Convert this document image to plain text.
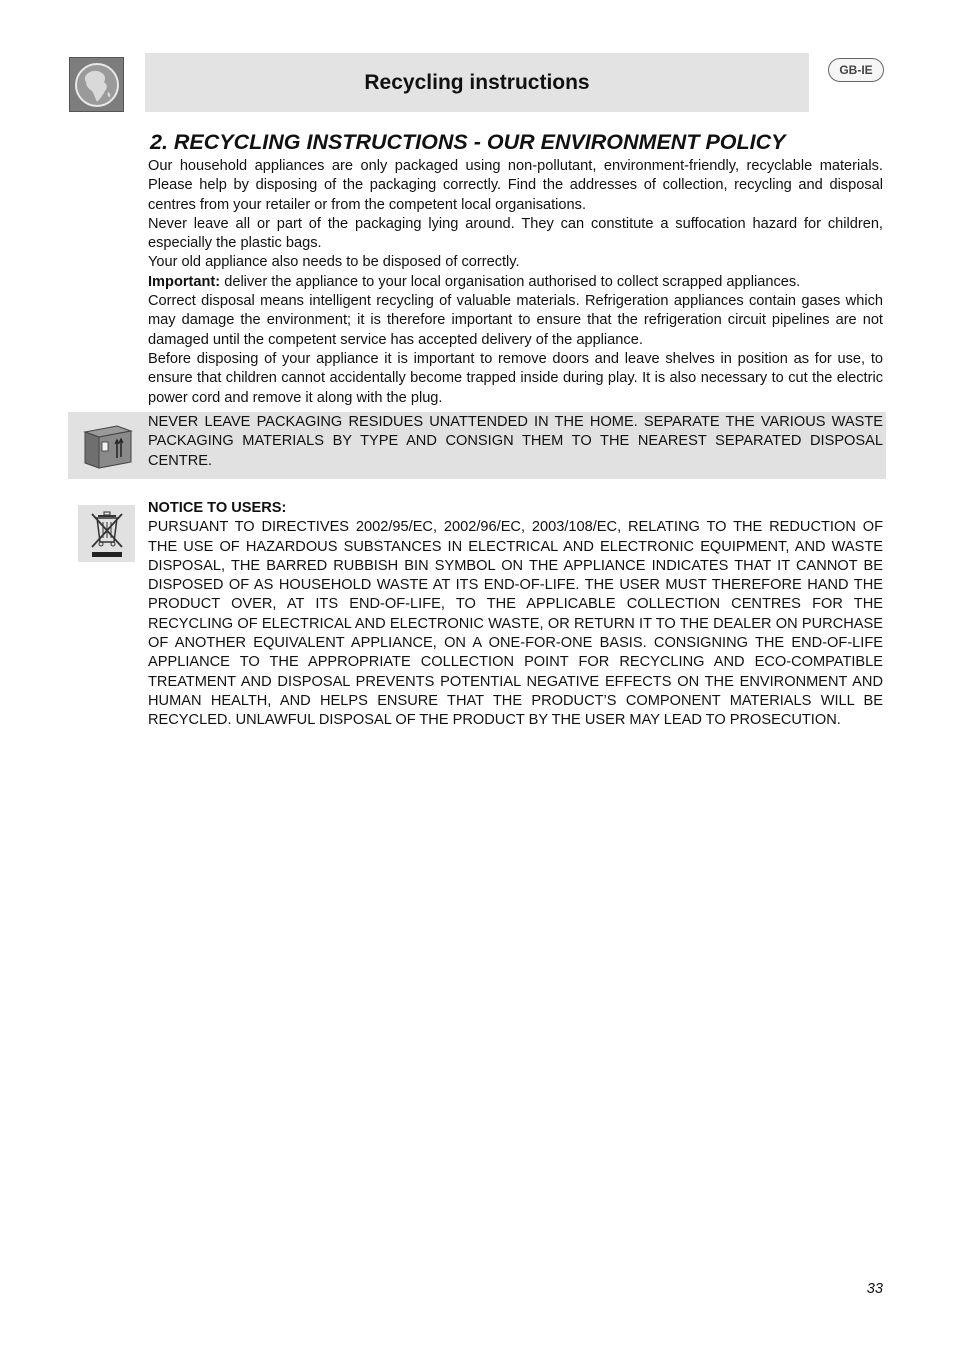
Recycling instructions
GB-IE
2. RECYCLING INSTRUCTIONS - OUR ENVIRONMENT POLICY

Our household appliances are only packaged using non-pollutant, environment-friendly, recyclable materials. Please help by disposing of the packaging correctly. Find the addresses of collection, recycling and disposal centres from your retailer or from the competent local organisations.

Never leave all or part of the packaging lying around. They can constitute a suffocation hazard for children, especially the plastic bags.

Your old appliance also needs to be disposed of correctly.

Important: deliver the appliance to your local organisation authorised to collect scrapped appliances.

Correct disposal means intelligent recycling of valuable materials. Refrigeration appliances contain gases which may damage the environment; it is therefore important to ensure that the refrigeration circuit pipelines are not damaged until the competent service has accepted delivery of the appliance.

Before disposing of your appliance it is important to remove doors and leave shelves in position as for use, to ensure that children cannot accidentally become trapped inside during play. It is also necessary to cut the electric power cord and remove it along with the plug.

NEVER LEAVE PACKAGING RESIDUES UNATTENDED IN THE HOME. SEPARATE THE VARIOUS WASTE PACKAGING MATERIALS BY TYPE AND CONSIGN THEM TO THE NEAREST SEPARATED DISPOSAL CENTRE.

NOTICE TO USERS:

PURSUANT TO DIRECTIVES 2002/95/EC, 2002/96/EC, 2003/108/EC, RELATING TO THE REDUCTION OF THE USE OF HAZARDOUS SUBSTANCES IN ELECTRICAL AND ELECTRONIC EQUIPMENT, AND WASTE DISPOSAL, THE BARRED RUBBISH BIN SYMBOL ON THE APPLIANCE INDICATES THAT IT CANNOT BE DISPOSED OF AS HOUSEHOLD WASTE AT ITS END-OF-LIFE. THE USER MUST THEREFORE HAND THE PRODUCT OVER, AT ITS END-OF-LIFE, TO THE APPLICABLE COLLECTION CENTRES FOR THE RECYCLING OF ELECTRICAL AND ELECTRONIC WASTE, OR RETURN IT TO THE DEALER ON PURCHASE OF ANOTHER EQUIVALENT APPLIANCE, ON A ONE-FOR-ONE BASIS. CONSIGNING THE END-OF-LIFE APPLIANCE TO THE APPROPRIATE COLLECTION POINT FOR RECYCLING AND ECO-COMPATIBLE TREATMENT AND DISPOSAL PREVENTS POTENTIAL NEGATIVE EFFECTS ON THE ENVIRONMENT AND HUMAN HEALTH, AND HELPS ENSURE THAT THE PRODUCT’S COMPONENT MATERIALS WILL BE RECYCLED. UNLAWFUL DISPOSAL OF THE PRODUCT BY THE USER MAY LEAD TO PROSECUTION.

33
